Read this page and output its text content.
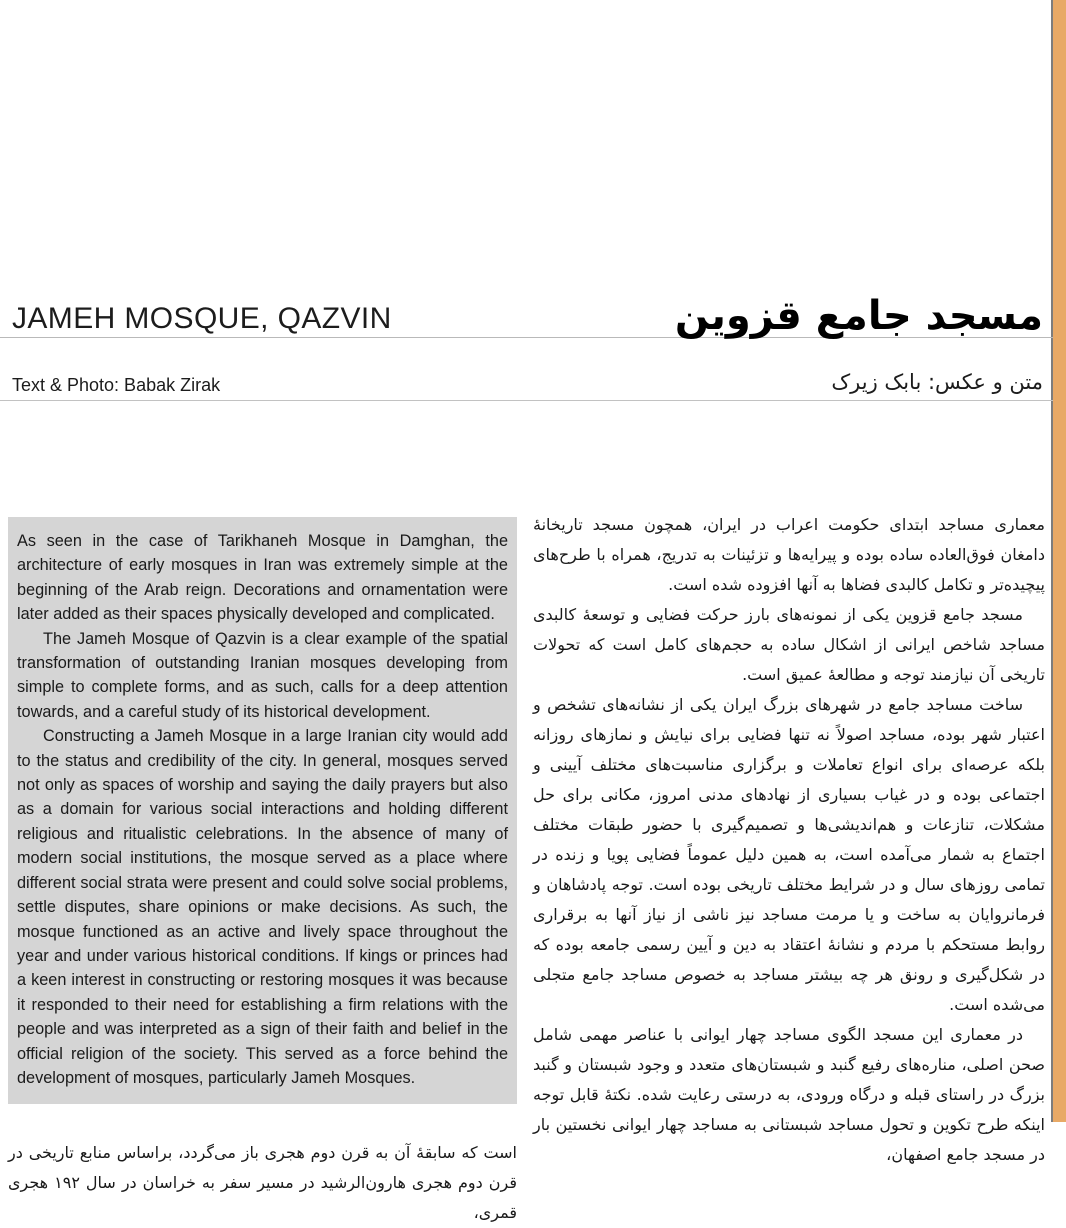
JAMEH MOSQUE, QAZVIN	مسجد جامع قزوین
Text & Photo: Babak Zirak	متن و عکس: بابک زیرک

As seen in the case of Tarikhaneh Mosque in Damghan, the architecture of early mosques in Iran was extremely simple at the beginning of the Arab reign. Decorations and ornamentation were later added as their spaces physically developed and complicated.

The Jameh Mosque of Qazvin is a clear example of the spatial transformation of outstanding Iranian mosques developing from simple to complete forms, and as such, calls for a deep attention towards, and a careful study of its historical development.

Constructing a Jameh Mosque in a large Iranian city would add to the status and credibility of the city. In general, mosques served not only as spaces of worship and saying the daily prayers but also as a domain for various social interactions and holding different religious and ritualistic celebrations. In the absence of many of modern social institutions, the mosque served as a place where different social strata were present and could solve social problems, settle disputes, share opinions or make decisions. As such, the mosque functioned as an active and lively space throughout the year and under various historical conditions. If kings or princes had a keen interest in constructing or restoring mosques it was because it responded to their need for establishing a firm relations with the people and was interpreted as a sign of their faith and belief in the official religion of the society. This served as a force behind the development of mosques, particularly Jameh Mosques.

است که سابقۀ آن به قرن دوم هجری باز می‌گردد، براساس منابع تاریخی در قرن دوم هجری هارون‌الرشید در مسیر سفر به خراسان در سال ۱۹۲ هجری قمری،

معماری مساجد ابتدای حکومت اعراب در ایران، همچون مسجد تاریخانۀ دامغان فوق‌العاده ساده بوده و پیرایه‌ها و تزئینات به تدریج، همراه با طرح‌های پیچیده‌تر و تکامل کالبدی فضاها به آنها افزوده شده است.

مسجد جامع قزوین یکی از نمونه‌های بارز حرکت فضایی و توسعۀ کالبدی مساجد شاخص ایرانی از اشکال ساده به حجم‌های کامل است که تحولات تاریخی آن نیازمند توجه و مطالعۀ عمیق است.

ساخت مساجد جامع در شهرهای بزرگ ایران یکی از نشانه‌های تشخص و اعتبار شهر بوده، مساجد اصولاً نه تنها فضایی برای نیایش و نمازهای روزانه بلکه عرصه‌ای برای انواع تعاملات و برگزاری مناسبت‌های مختلف آیینی و اجتماعی بوده و در غیاب بسیاری از نهادهای مدنی امروز، مکانی برای حل مشکلات، تنازعات و هم‌اندیشی‌ها و تصمیم‌گیری با حضور طبقات مختلف اجتماع به شمار می‌آمده است، به همین دلیل عموماً فضایی پویا و زنده در تمامی روزهای سال و در شرایط مختلف تاریخی بوده است. توجه پادشاهان و فرمانروایان به ساخت و یا مرمت مساجد نیز ناشی از نیاز آنها به برقراری روابط مستحکم با مردم و نشانۀ اعتقاد به دین و آیین رسمی جامعه بوده که در شکل‌گیری و رونق هر چه بیشتر مساجد به خصوص مساجد جامع متجلی می‌شده است.

در معماری این مسجد الگوی مساجد چهار ایوانی با عناصر مهمی شامل صحن اصلی، مناره‌های رفیع گنبد و شبستان‌های متعدد و وجود شبستان و گنبد بزرگ در راستای قبله و درگاه ورودی، به درستی رعایت شده. نکتۀ قابل توجه اینکه طرح تکوین و تحول مساجد شبستانی به مساجد چهار ایوانی نخستین بار در مسجد جامع اصفهان،
